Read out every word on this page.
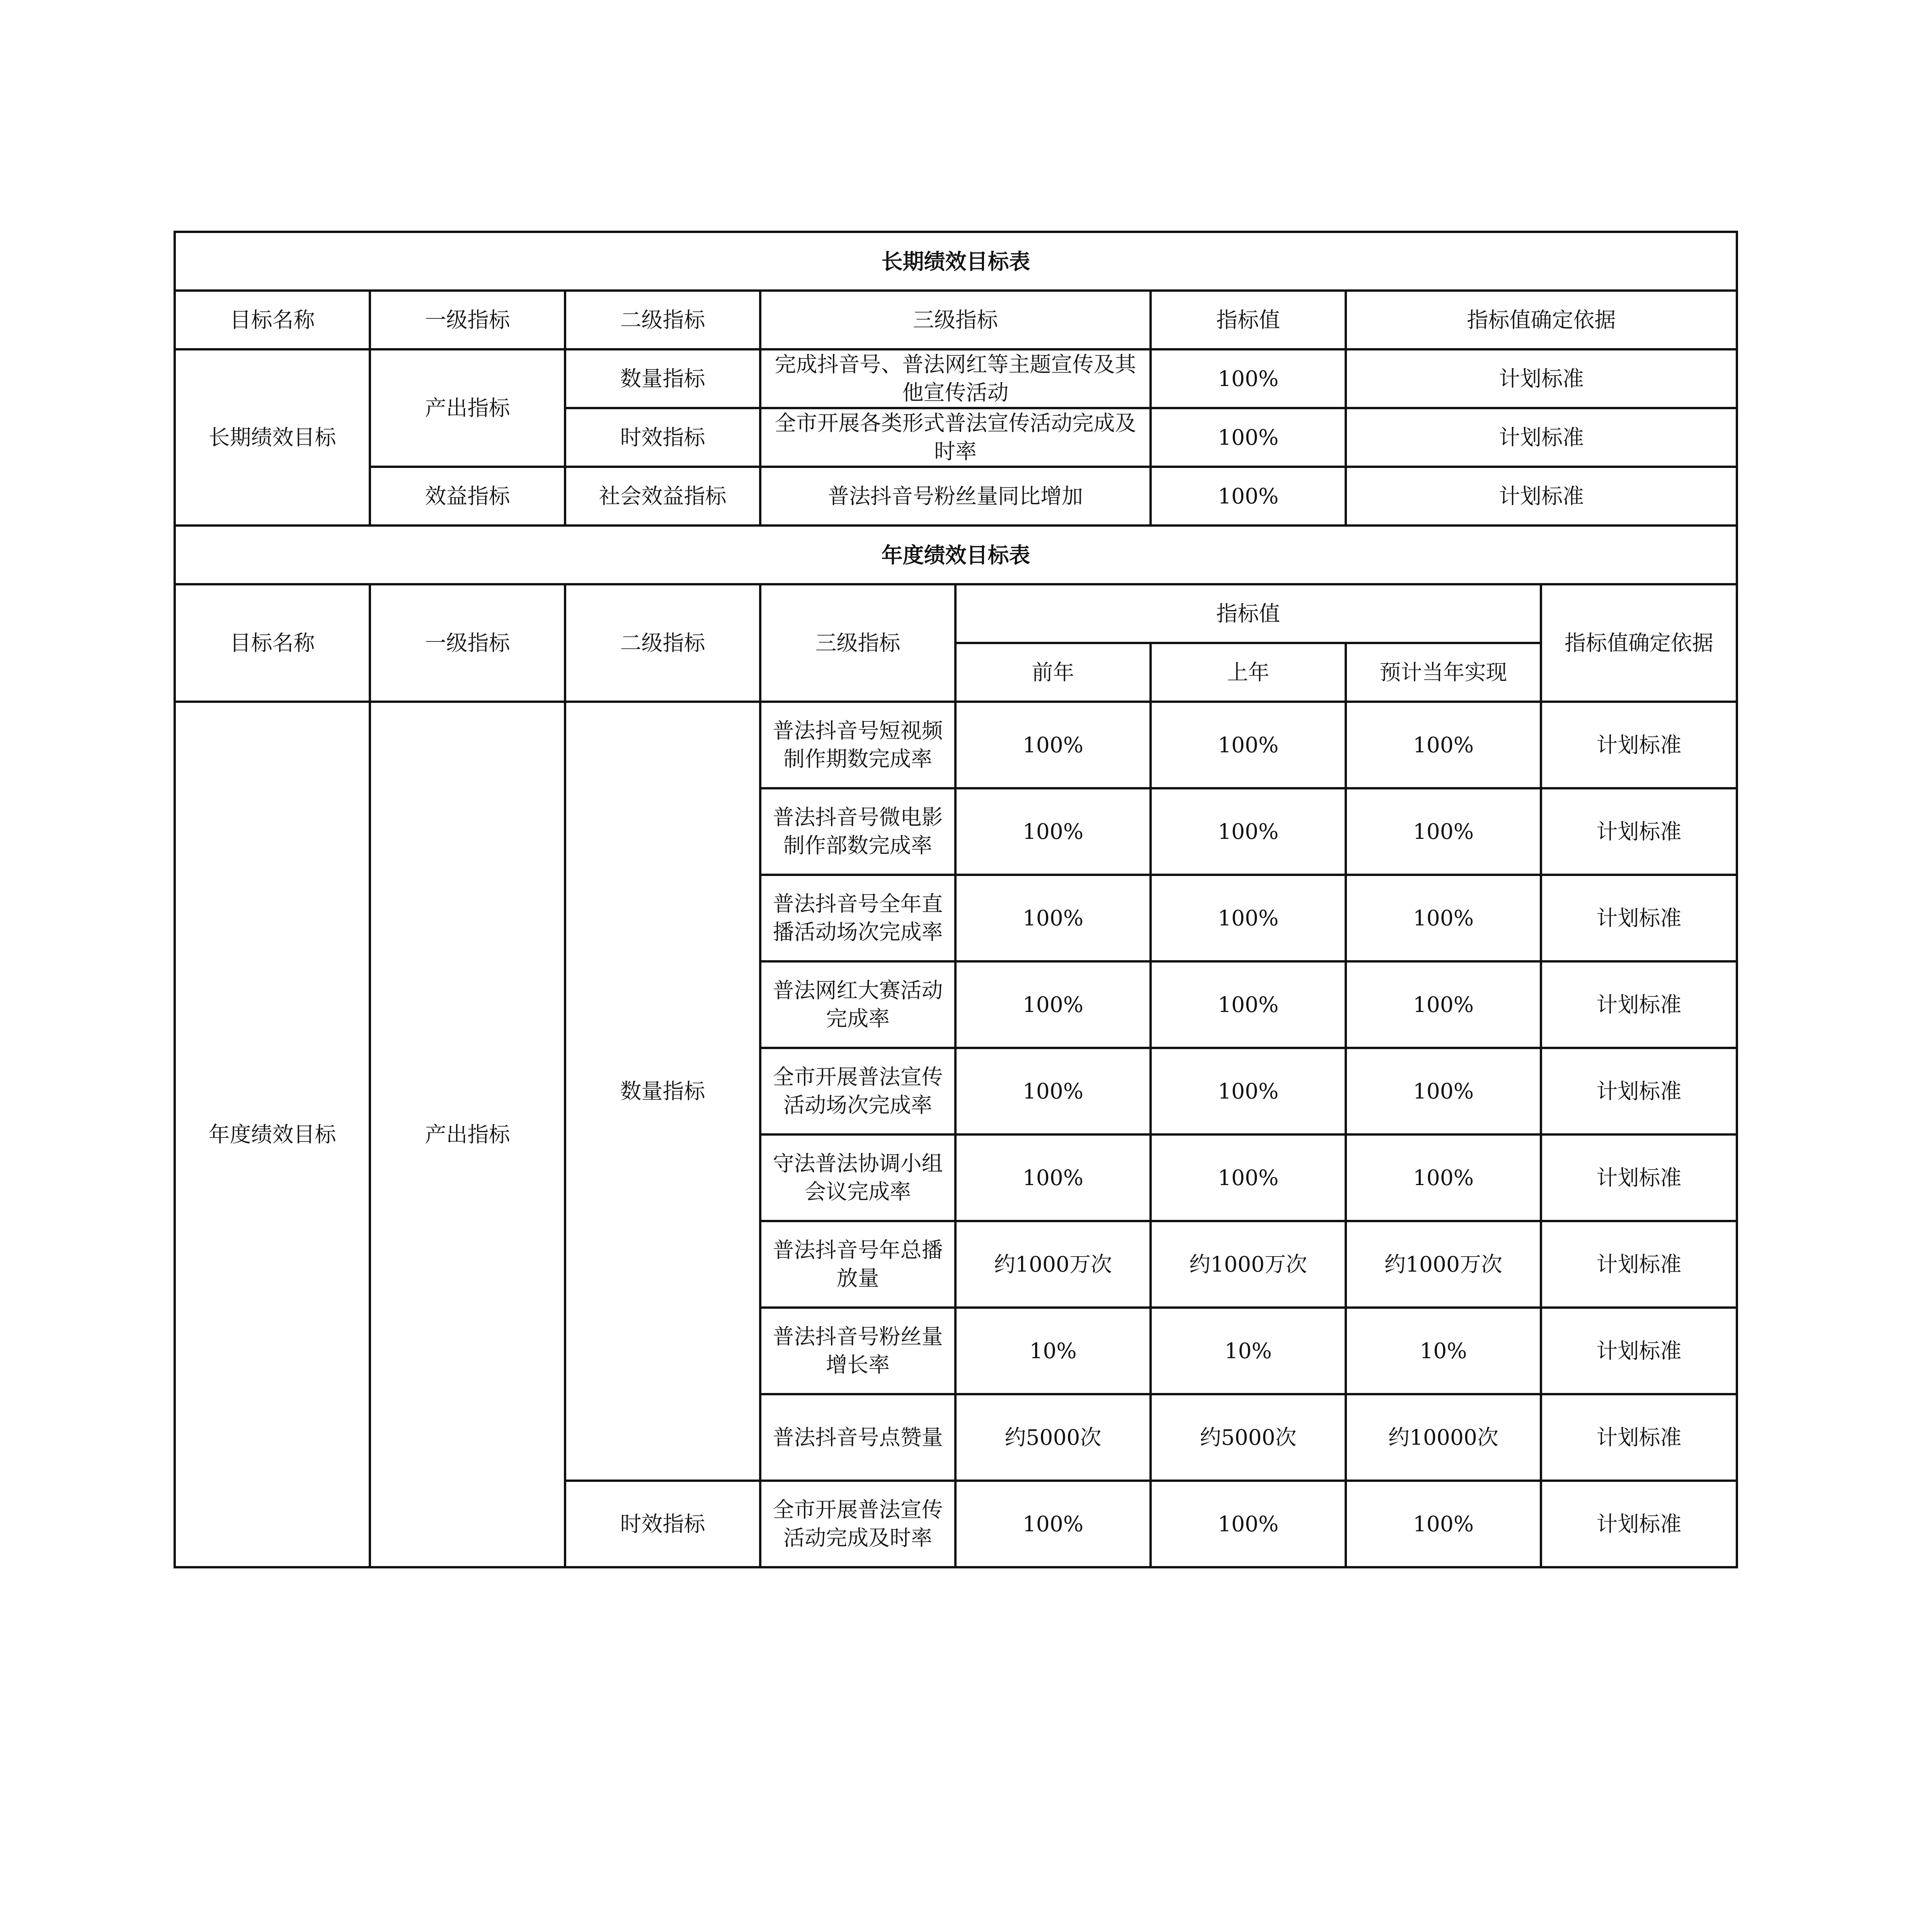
长期绩效目标表							
目标名称	一级指标	二级指标	三级指标		指标值	指标值确定依据	
长期绩效目标	产出指标	数量指标	完成抖音号、普法网红等主题宣传及其他宣传活动		100%	计划标准	
		时效指标	全市开展各类形式普法宣传活动完成及时率		100%	计划标准	
	效益指标	社会效益指标	普法抖音号粉丝量同比增加		100%	计划标准	
年度绩效目标表							
目标名称	一级指标	二级指标	三级指标	指标值			指标值确定依据
				前年	上年	预计当年实现	
年度绩效目标	产出指标	数量指标	普法抖音号短视频制作期数完成率	100%	100%	100%	计划标准
			普法抖音号微电影制作部数完成率	100%	100%	100%	计划标准
			普法抖音号全年直播活动场次完成率	100%	100%	100%	计划标准
			普法网红大赛活动完成率	100%	100%	100%	计划标准
			全市开展普法宣传活动场次完成率	100%	100%	100%	计划标准
			守法普法协调小组会议完成率	100%	100%	100%	计划标准
			普法抖音号年总播放量	约1000万次	约1000万次	约1000万次	计划标准
			普法抖音号粉丝量增长率	10%	10%	10%	计划标准
			普法抖音号点赞量	约5000次	约5000次	约10000次	计划标准
		时效指标	全市开展普法宣传活动完成及时率	100%	100%	100%	计划标准
